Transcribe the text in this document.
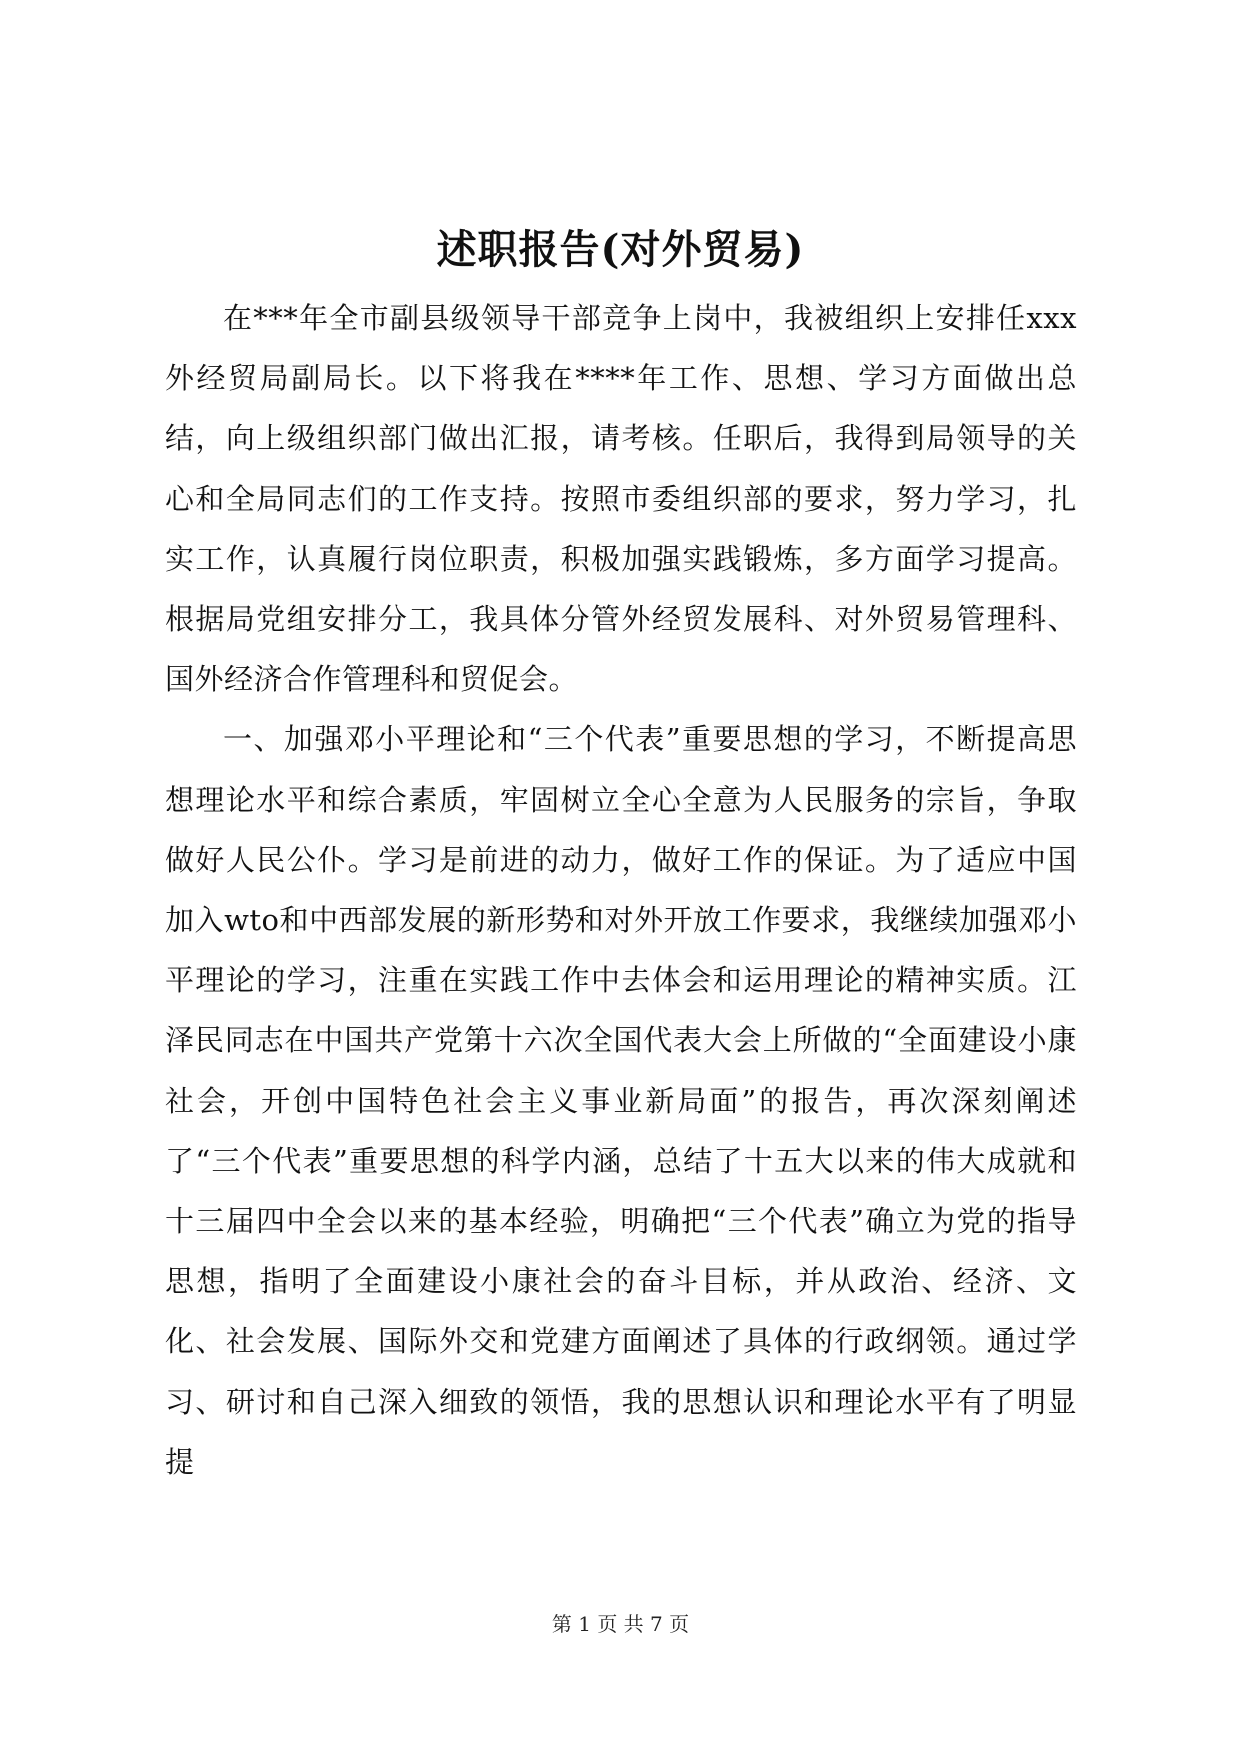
述职报告(对外贸易)

在***年全市副县级领导干部竞争上岗中，我被组织上安排任xxx外经贸局副局长。以下将我在****年工作、思想、学习方面做出总结，向上级组织部门做出汇报，请考核。任职后，我得到局领导的关心和全局同志们的工作支持。按照市委组织部的要求，努力学习，扎实工作，认真履行岗位职责，积极加强实践锻炼，多方面学习提高。根据局党组安排分工，我具体分管外经贸发展科、对外贸易管理科、国外经济合作管理科和贸促会。

一、加强邓小平理论和“三个代表”重要思想的学习，不断提高思想理论水平和综合素质，牢固树立全心全意为人民服务的宗旨，争取做好人民公仆。学习是前进的动力，做好工作的保证。为了适应中国加入wto和中西部发展的新形势和对外开放工作要求，我继续加强邓小平理论的学习，注重在实践工作中去体会和运用理论的精神实质。江泽民同志在中国共产党第十六次全国代表大会上所做的“全面建设小康社会，开创中国特色社会主义事业新局面”的报告，再次深刻阐述了“三个代表”重要思想的科学内涵，总结了十五大以来的伟大成就和十三届四中全会以来的基本经验，明确把“三个代表”确立为党的指导思想，指明了全面建设小康社会的奋斗目标，并从政治、经济、文化、社会发展、国际外交和党建方面阐述了具体的行政纲领。通过学习、研讨和自己深入细致的领悟，我的思想认识和理论水平有了明显提

第 1 页 共 7 页
